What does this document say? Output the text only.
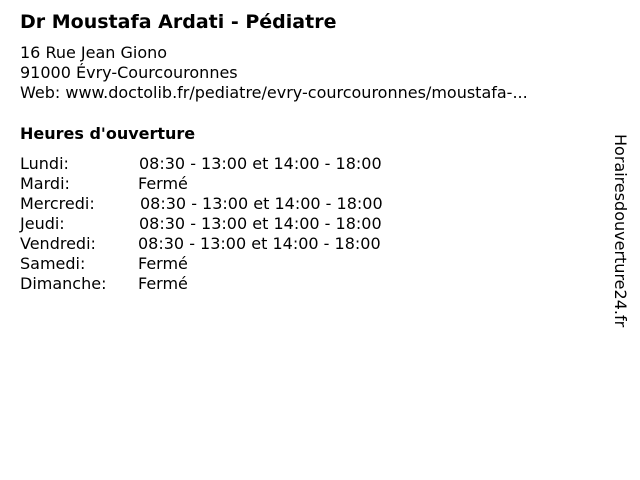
Dr Moustafa Ardati - Pédiatre
16 Rue Jean Giono
91000 Évry-Courcouronnes
Web: www.doctolib.fr/pediatre/evry-courcouronnes/moustafa-...
Heures d'ouverture
Lundi:	08:30 - 13:00 et 14:00 - 18:00
Mardi:	Fermé
Mercredi:	08:30 - 13:00 et 14:00 - 18:00
Jeudi:	08:30 - 13:00 et 14:00 - 18:00
Vendredi:	08:30 - 13:00 et 14:00 - 18:00
Samedi:	Fermé
Dimanche: Fermé	Horairesdouverture24.fr
